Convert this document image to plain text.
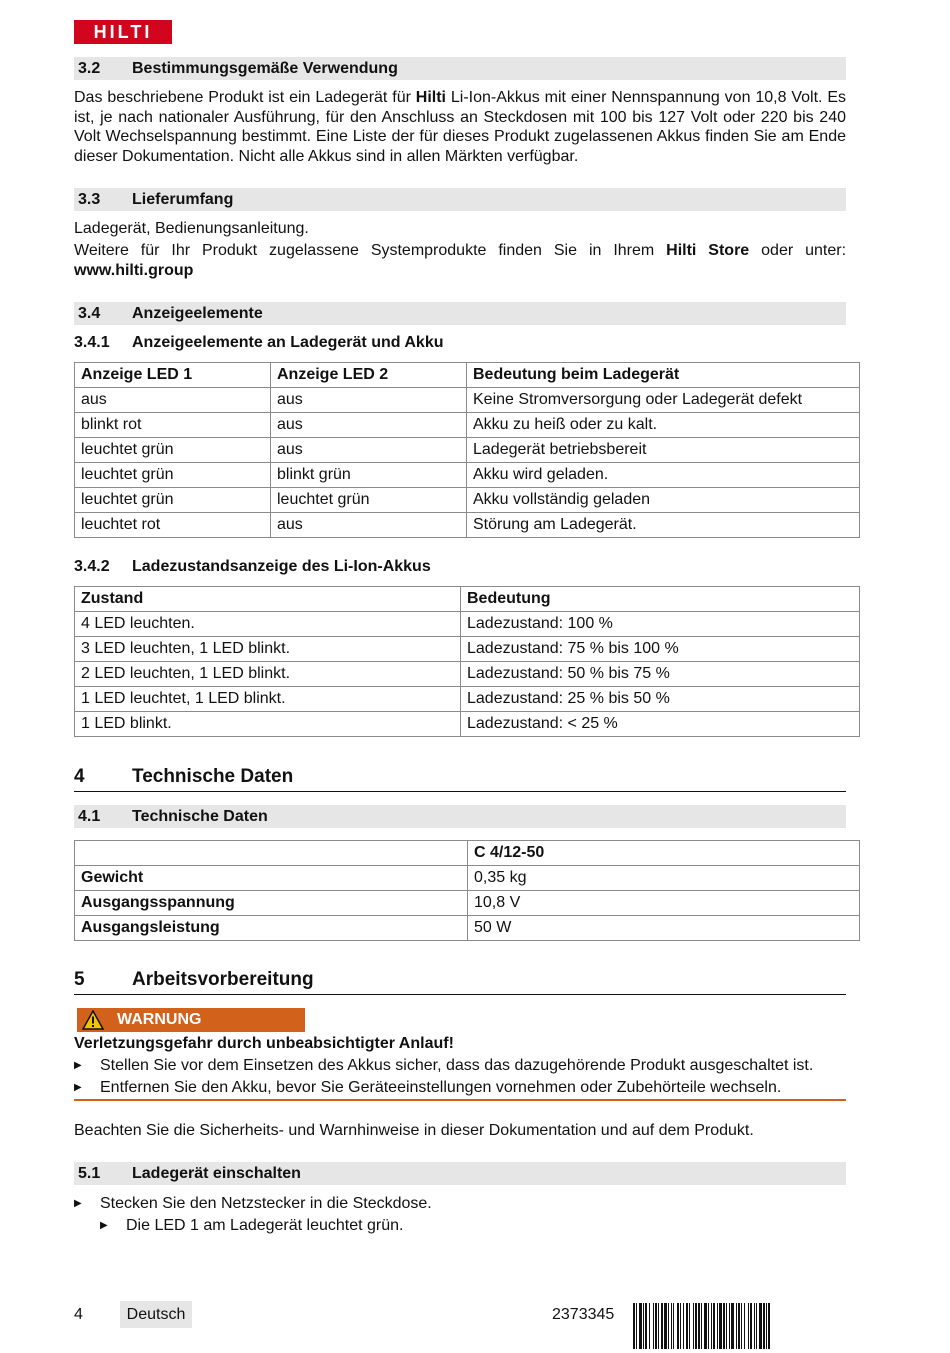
HILTI
3.2 Bestimmungsgemäße Verwendung
Das beschriebene Produkt ist ein Ladegerät für Hilti Li-Ion-Akkus mit einer Nennspannung von 10,8 Volt. Es ist, je nach nationaler Ausführung, für den Anschluss an Steckdosen mit 100 bis 127 Volt oder 220 bis 240 Volt Wechselspannung bestimmt. Eine Liste der für dieses Produkt zugelassenen Akkus finden Sie am Ende dieser Dokumentation. Nicht alle Akkus sind in allen Märkten verfügbar.
3.3 Lieferumfang
Ladegerät, Bedienungsanleitung.
Weitere für Ihr Produkt zugelassene Systemprodukte finden Sie in Ihrem Hilti Store oder unter: www.hilti.group
3.4 Anzeigeelemente
3.4.1 Anzeigeelemente an Ladegerät und Akku
Anzeige LED 1	Anzeige LED 2	Bedeutung beim Ladegerät
aus	aus	Keine Stromversorgung oder Ladegerät defekt
blinkt rot	aus	Akku zu heiß oder zu kalt.
leuchtet grün	aus	Ladegerät betriebsbereit
leuchtet grün	blinkt grün	Akku wird geladen.
leuchtet grün	leuchtet grün	Akku vollständig geladen
leuchtet rot	aus	Störung am Ladegerät.
3.4.2 Ladezustandsanzeige des Li-Ion-Akkus
Zustand	Bedeutung
4 LED leuchten.	Ladezustand: 100 %
3 LED leuchten, 1 LED blinkt.	Ladezustand: 75 % bis 100 %
2 LED leuchten, 1 LED blinkt.	Ladezustand: 50 % bis 75 %
1 LED leuchtet, 1 LED blinkt.	Ladezustand: 25 % bis 50 %
1 LED blinkt.	Ladezustand: < 25 %
4 Technische Daten
4.1 Technische Daten
	C 4/12-50
Gewicht	0,35 kg
Ausgangsspannung	10,8 V
Ausgangsleistung	50 W
5 Arbeitsvorbereitung
WARNUNG
Verletzungsgefahr durch unbeabsichtigter Anlauf!
▶ Stellen Sie vor dem Einsetzen des Akkus sicher, dass das dazugehörende Produkt ausgeschaltet ist.
▶ Entfernen Sie den Akku, bevor Sie Geräteeinstellungen vornehmen oder Zubehörteile wechseln.
Beachten Sie die Sicherheits- und Warnhinweise in dieser Dokumentation und auf dem Produkt.
5.1 Ladegerät einschalten
▶ Stecken Sie den Netzstecker in die Steckdose.
▶ Die LED 1 am Ladegerät leuchtet grün.
4	Deutsch	2373345
